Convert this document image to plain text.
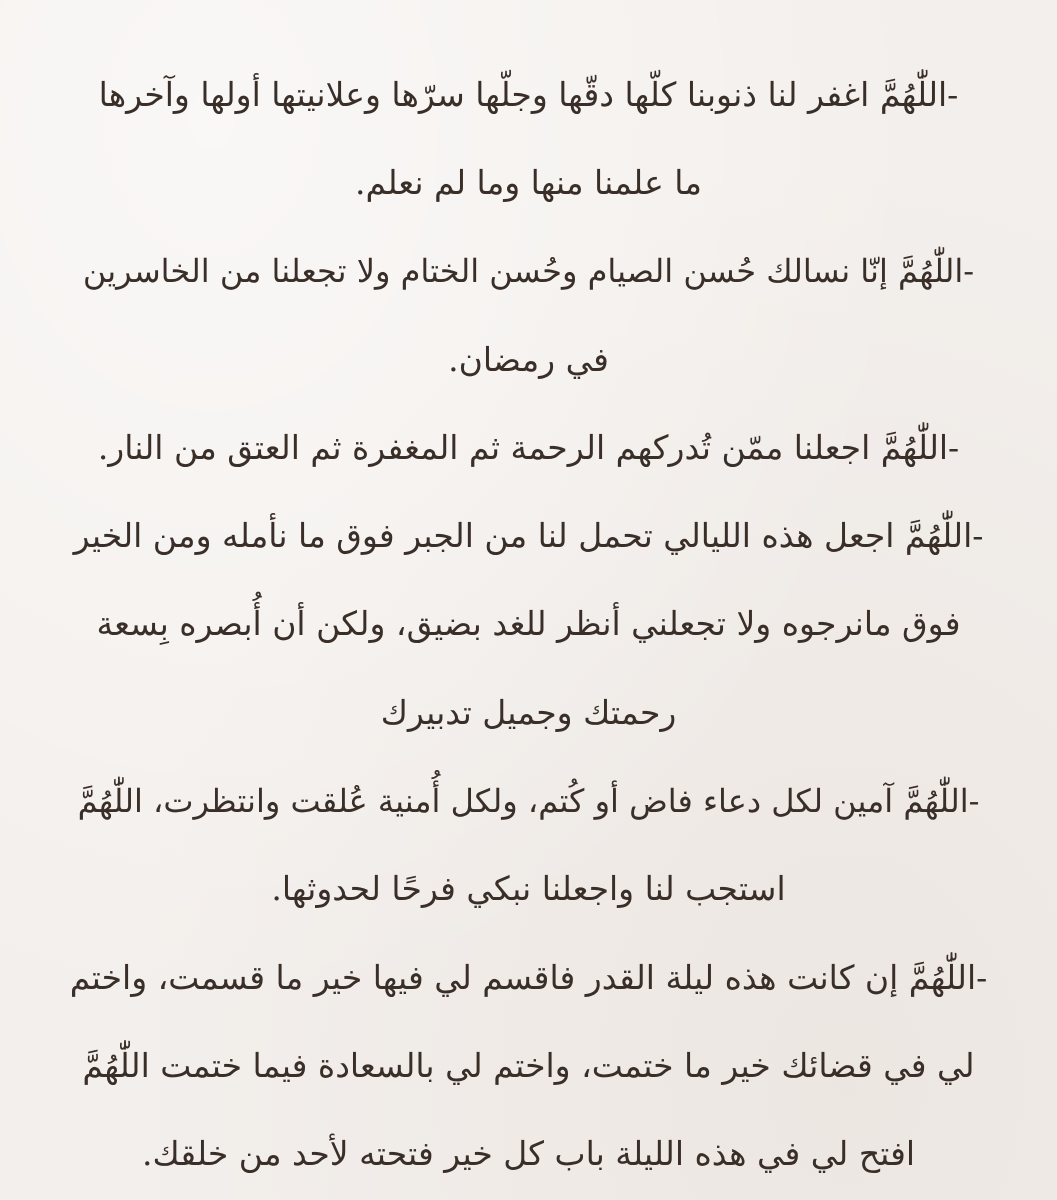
-اللّٰهُمَّ اغفر لنا ذنوبنا كلّها دقّها وجلّها سرّها وعلانيتها أولها وآخرها
ما علمنا منها وما لم نعلم.
-اللّٰهُمَّ إنّا نسالك حُسن الصيام وحُسن الختام ولا تجعلنا من الخاسرين
في رمضان.
-اللّٰهُمَّ اجعلنا ممّن تُدركهم الرحمة ثم المغفرة ثم العتق من النار.
-اللّٰهُمَّ اجعل هذه الليالي تحمل لنا من الجبر فوق ما نأمله ومن الخير
فوق مانرجوه ولا تجعلني أنظر للغد بضيق، ولكن أن أُبصره بِسعة
رحمتك وجميل تدبيرك
-اللّٰهُمَّ آمين لكل دعاء فاض أو كُتم، ولكل أُمنية عُلقت وانتظرت، اللّٰهُمَّ
استجب لنا واجعلنا نبكي فرحًا لحدوثها.
-اللّٰهُمَّ إن كانت هذه ليلة القدر فاقسم لي فيها خير ما قسمت، واختم
لي في قضائك خير ما ختمت، واختم لي بالسعادة فيما ختمت اللّٰهُمَّ
افتح لي في هذه الليلة باب كل خير فتحته لأحد من خلقك.
